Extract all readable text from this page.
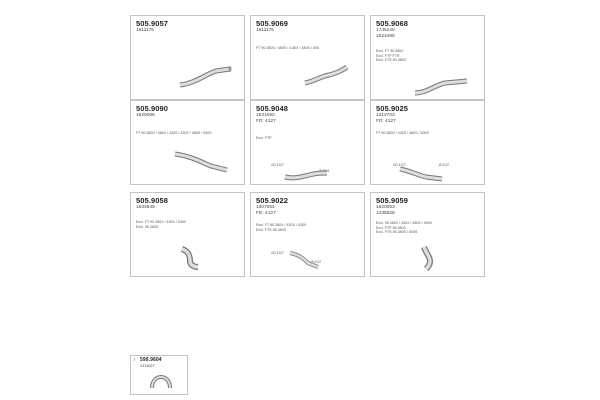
505.9057
1611175
505.9069
1611175
FT 90.380S / 480S / 4.80X / 480S / 50S
505.9068
1745225
1523495
Excl. FT 90.380X
Excl. FTP FTR
Excl. FTS 90.380S
505.9090
1620096
FT 90.380S / 380X / 430S / 430X / 480S / 500S
505.9048
1531590
FD: 4127
Excl. FTP
OD 4127
Ø 4544
505.9025
1312703
FD: 4127
FT 90.380S / 430S / 480S / 500S
OD 4127	Ø 4127
505.9058
1633549
Excl. FT 90.380X / 430X / 530X
Excl. 95.380S
505.9022
1307054
FD: 4127
Excl. FT 95.380X / 430X / 430X
Excl. FTS 95.380S
OD 4127
Ø 4127
505.9059
1620053
1435528
Excl. 95.380X / 430X / 480X / 500X
Excl. FTP 95.380S
Excl. FTS 95.380S / 500S
7 599.9604
1313027
